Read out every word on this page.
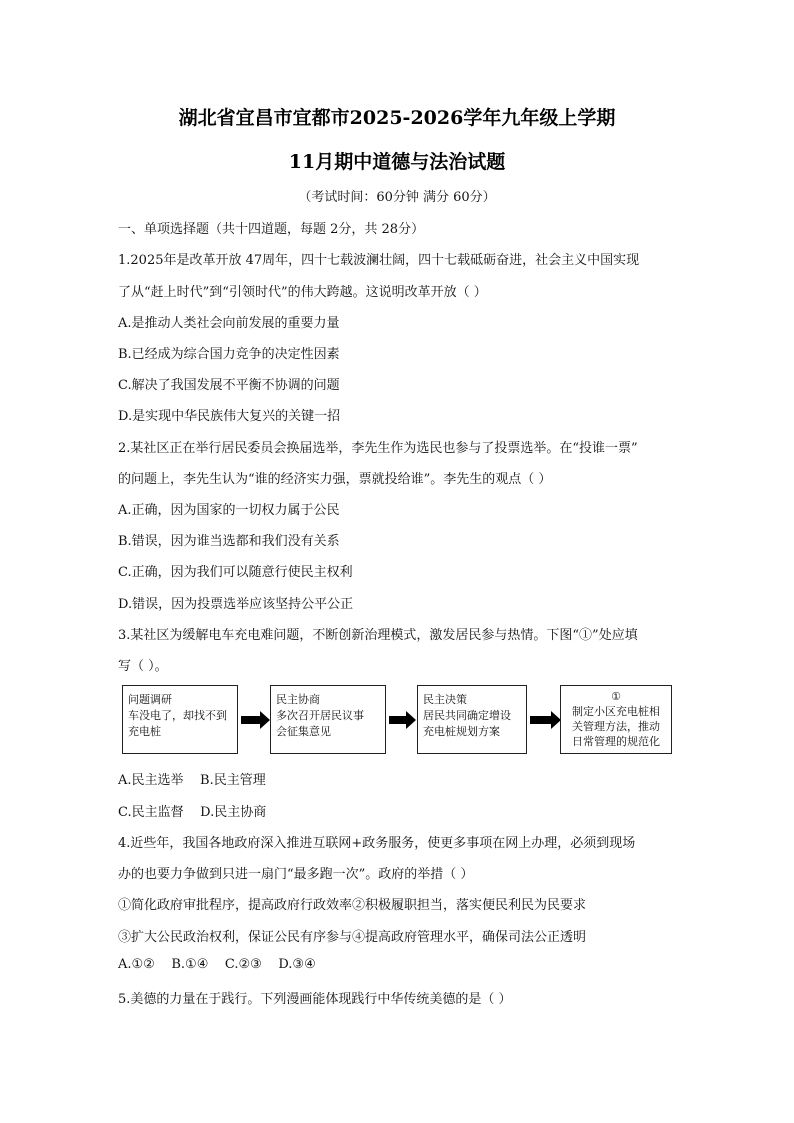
湖北省宜昌市宜都市2025-2026学年九年级上学期
11月期中道德与法治试题
（考试时间：60分钟 满分 60分）
一、单项选择题（共十四道题，每题 2分，共 28分）
1.2025年是改革开放 47周年，四十七载波澜壮阔，四十七载砥砺奋进，社会主义中国实现
了从“赶上时代”到“引领时代”的伟大跨越。这说明改革开放（ ）
A.是推动人类社会向前发展的重要力量
B.已经成为综合国力竞争的决定性因素
C.解决了我国发展不平衡不协调的问题
D.是实现中华民族伟大复兴的关键一招
2.某社区正在举行居民委员会换届选举，李先生作为选民也参与了投票选举。在“投谁一票”
的问题上，李先生认为“谁的经济实力强，票就投给谁”。李先生的观点（ ）
A.正确，因为国家的一切权力属于公民
B.错误，因为谁当选都和我们没有关系
C.正确，因为我们可以随意行使民主权利
D.错误，因为投票选举应该坚持公平公正
3.某社区为缓解电车充电难问题，不断创新治理模式，激发居民参与热情。下图“①”处应填
写（ ）。
问题调研
车没电了，却找不到
充电桩
民主协商
多次召开居民议事
会征集意见
民主决策
居民共同确定增设
充电桩规划方案
①
制定小区充电桩相
关管理方法，推动
日常管理的规范化
A.民主选举    B.民主管理
C.民主监督    D.民主协商
4.近些年，我国各地政府深入推进互联网+政务服务，使更多事项在网上办理，必须到现场
办的也要力争做到只进一扇门“最多跑一次”。政府的举措（ ）
①简化政府审批程序，提高政府行政效率②积极履职担当，落实便民利民为民要求
③扩大公民政治权利，保证公民有序参与④提高政府管理水平，确保司法公正透明
A.①②    B.①④    C.②③    D.③④
5.美德的力量在于践行。下列漫画能体现践行中华传统美德的是（ ）
